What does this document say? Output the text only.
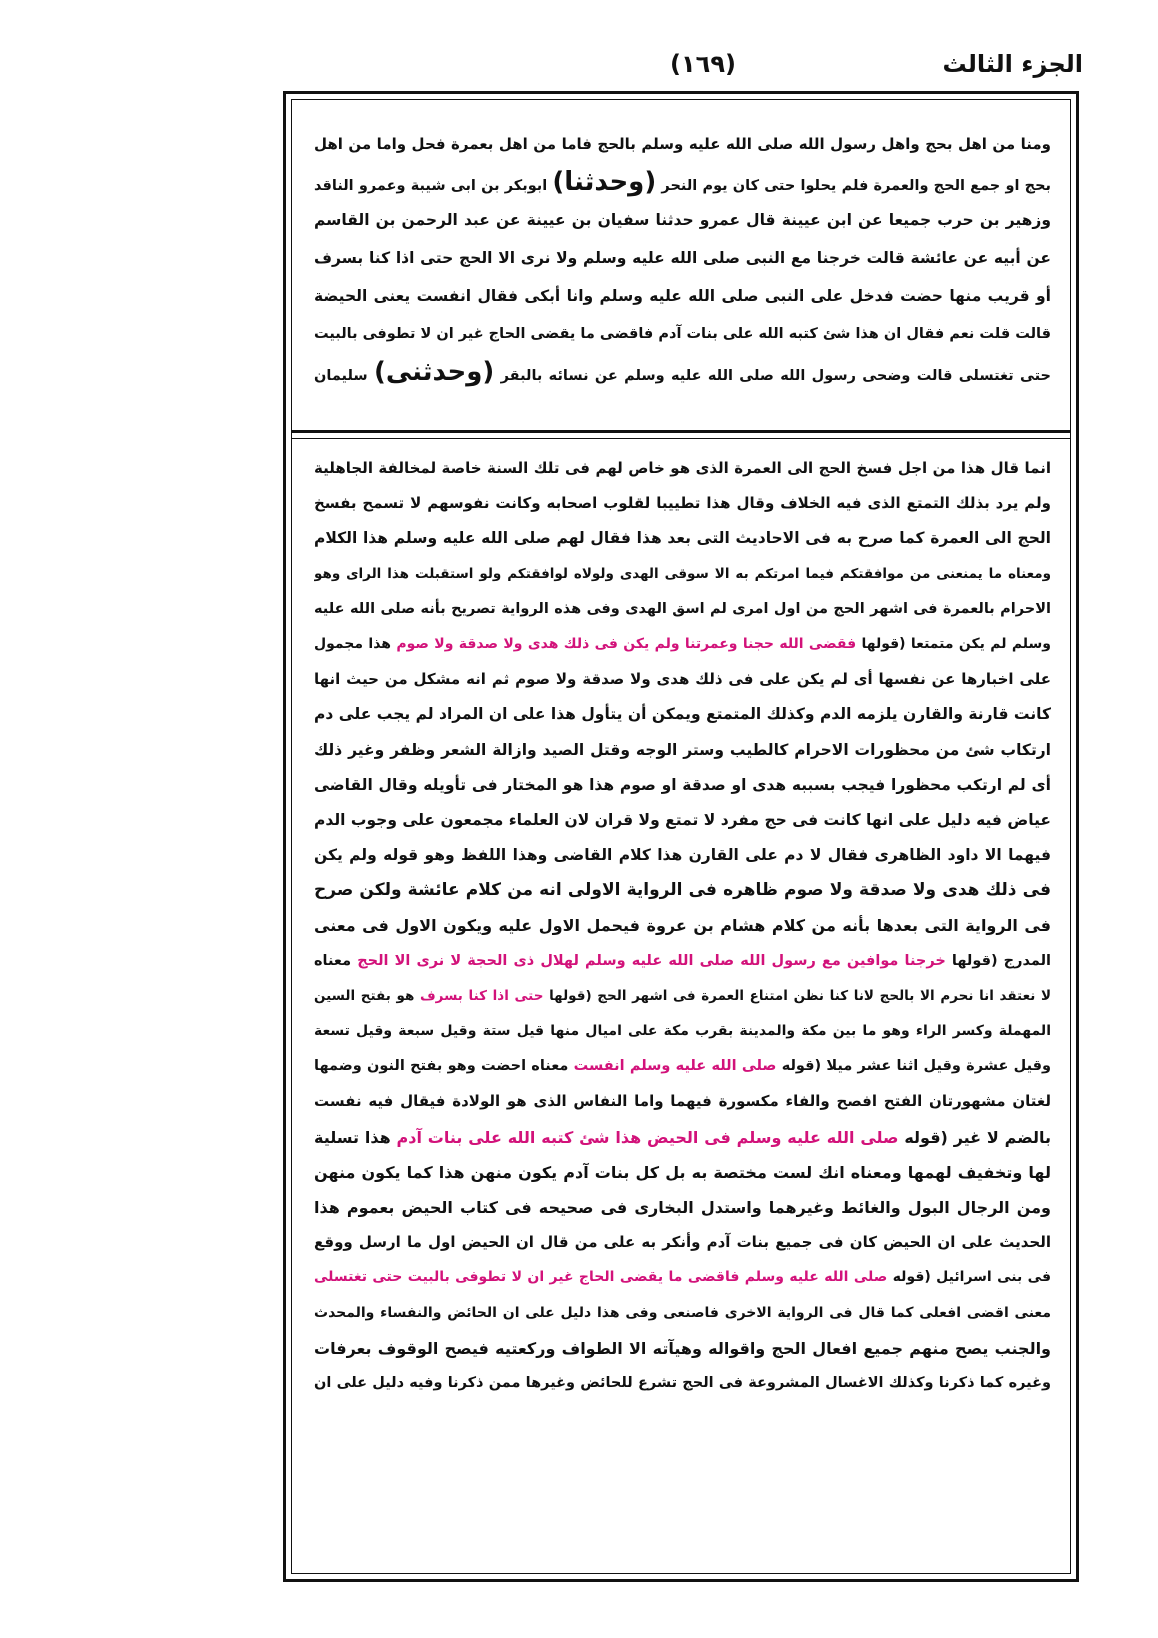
الجزء الثالث
(١٦٩)
ومنا من اهل بحج واهل رسول الله صلى الله عليه وسلم بالحج فاما من اهل بعمرة فحل واما من اهل
بحج او جمع الحج والعمرة فلم يحلوا حتى كان يوم النحر (وحدثنا) ابوبكر بن ابى شيبة وعمرو الناقد
وزهير بن حرب جميعا عن ابن عيينة قال عمرو حدثنا سفيان بن عيينة عن عبد الرحمن بن القاسم
عن أبيه عن عائشة قالت خرجنا مع النبى صلى الله عليه وسلم ولا نرى الا الحج حتى اذا كنا بسرف
أو قريب منها حضت فدخل على النبى صلى الله عليه وسلم وانا أبكى فقال انفست يعنى الحيضة
قالت قلت نعم فقال ان هذا شئ كتبه الله على بنات آدم فاقضى ما يقضى الحاج غير ان لا تطوفى بالبيت
حتى تغتسلى قالت وضحى رسول الله صلى الله عليه وسلم عن نسائه بالبقر (وحدثنى) سليمان
انما قال هذا من اجل فسخ الحج الى العمرة الذى هو خاص لهم فى تلك السنة خاصة لمخالفة الجاهلية
ولم يرد بذلك التمتع الذى فيه الخلاف وقال هذا تطييبا لقلوب اصحابه وكانت نفوسهم لا تسمح بفسخ
الحج الى العمرة كما صرح به فى الاحاديث التى بعد هذا فقال لهم صلى الله عليه وسلم هذا الكلام
ومعناه ما يمنعنى من موافقتكم فيما امرتكم به الا سوقى الهدى ولولاه لوافقتكم ولو استقبلت هذا الراى وهو
الاحرام بالعمرة فى اشهر الحج من اول امرى لم اسق الهدى وفى هذه الرواية تصريح بأنه صلى الله عليه
وسلم لم يكن متمتعا (قولها فقضى الله حجنا وعمرتنا ولم يكن فى ذلك هدى ولا صدقة ولا صوم هذا مجمول
على اخبارها عن نفسها أى لم يكن على فى ذلك هدى ولا صدقة ولا صوم ثم انه مشكل من حيث انها
كانت قارنة والقارن يلزمه الدم وكذلك المتمتع ويمكن أن يتأول هذا على ان المراد لم يجب على دم
ارتكاب شئ من محظورات الاحرام كالطيب وستر الوجه وقتل الصيد وازالة الشعر وظفر وغير ذلك
أى لم ارتكب محظورا فيجب بسببه هدى او صدقة او صوم هذا هو المختار فى تأويله وقال القاضى
عياض فيه دليل على انها كانت فى حج مفرد لا تمتع ولا قران لان العلماء مجمعون على وجوب الدم
فيهما الا داود الظاهرى فقال لا دم على القارن هذا كلام القاضى وهذا اللفظ وهو قوله ولم يكن
فى ذلك هدى ولا صدقة ولا صوم ظاهره فى الرواية الاولى انه من كلام عائشة ولكن صرح
فى الرواية التى بعدها بأنه من كلام هشام بن عروة فيحمل الاول عليه ويكون الاول فى معنى
المدرج (قولها خرجنا موافين مع رسول الله صلى الله عليه وسلم لهلال ذى الحجة لا نرى الا الحج معناه
لا نعتقد انا نحرم الا بالحج لانا كنا نظن امتناع العمرة فى اشهر الحج (قولها حتى اذا كنا بسرف هو بفتح السين
المهملة وكسر الراء وهو ما بين مكة والمدينة بقرب مكة على اميال منها قيل ستة وقيل سبعة وقيل تسعة
وقيل عشرة وقيل اثنا عشر ميلا (قوله صلى الله عليه وسلم انفست معناه احضت وهو بفتح النون وضمها
لغتان مشهورتان الفتح افصح والفاء مكسورة فيهما واما النفاس الذى هو الولادة فيقال فيه نفست
بالضم لا غير (قوله صلى الله عليه وسلم فى الحيض هذا شئ كتبه الله على بنات آدم هذا تسلية
لها وتخفيف لهمها ومعناه انك لست مختصة به بل كل بنات آدم يكون منهن هذا كما يكون منهن
ومن الرجال البول والغائط وغيرهما واستدل البخارى فى صحيحه فى كتاب الحيض بعموم هذا
الحديث على ان الحيض كان فى جميع بنات آدم وأنكر به على من قال ان الحيض اول ما ارسل ووقع
فى بنى اسرائيل (قوله صلى الله عليه وسلم فاقضى ما يقضى الحاج غير ان لا تطوفى بالبيت حتى تغتسلى
معنى اقضى افعلى كما قال فى الرواية الاخرى فاصنعى وفى هذا دليل على ان الحائض والنفساء والمحدث
والجنب يصح منهم جميع افعال الحج واقواله وهيآته الا الطواف وركعتيه فيصح الوقوف بعرفات
وغيره كما ذكرنا وكذلك الاغسال المشروعة فى الحج تشرع للحائض وغيرها ممن ذكرنا وفيه دليل على ان
